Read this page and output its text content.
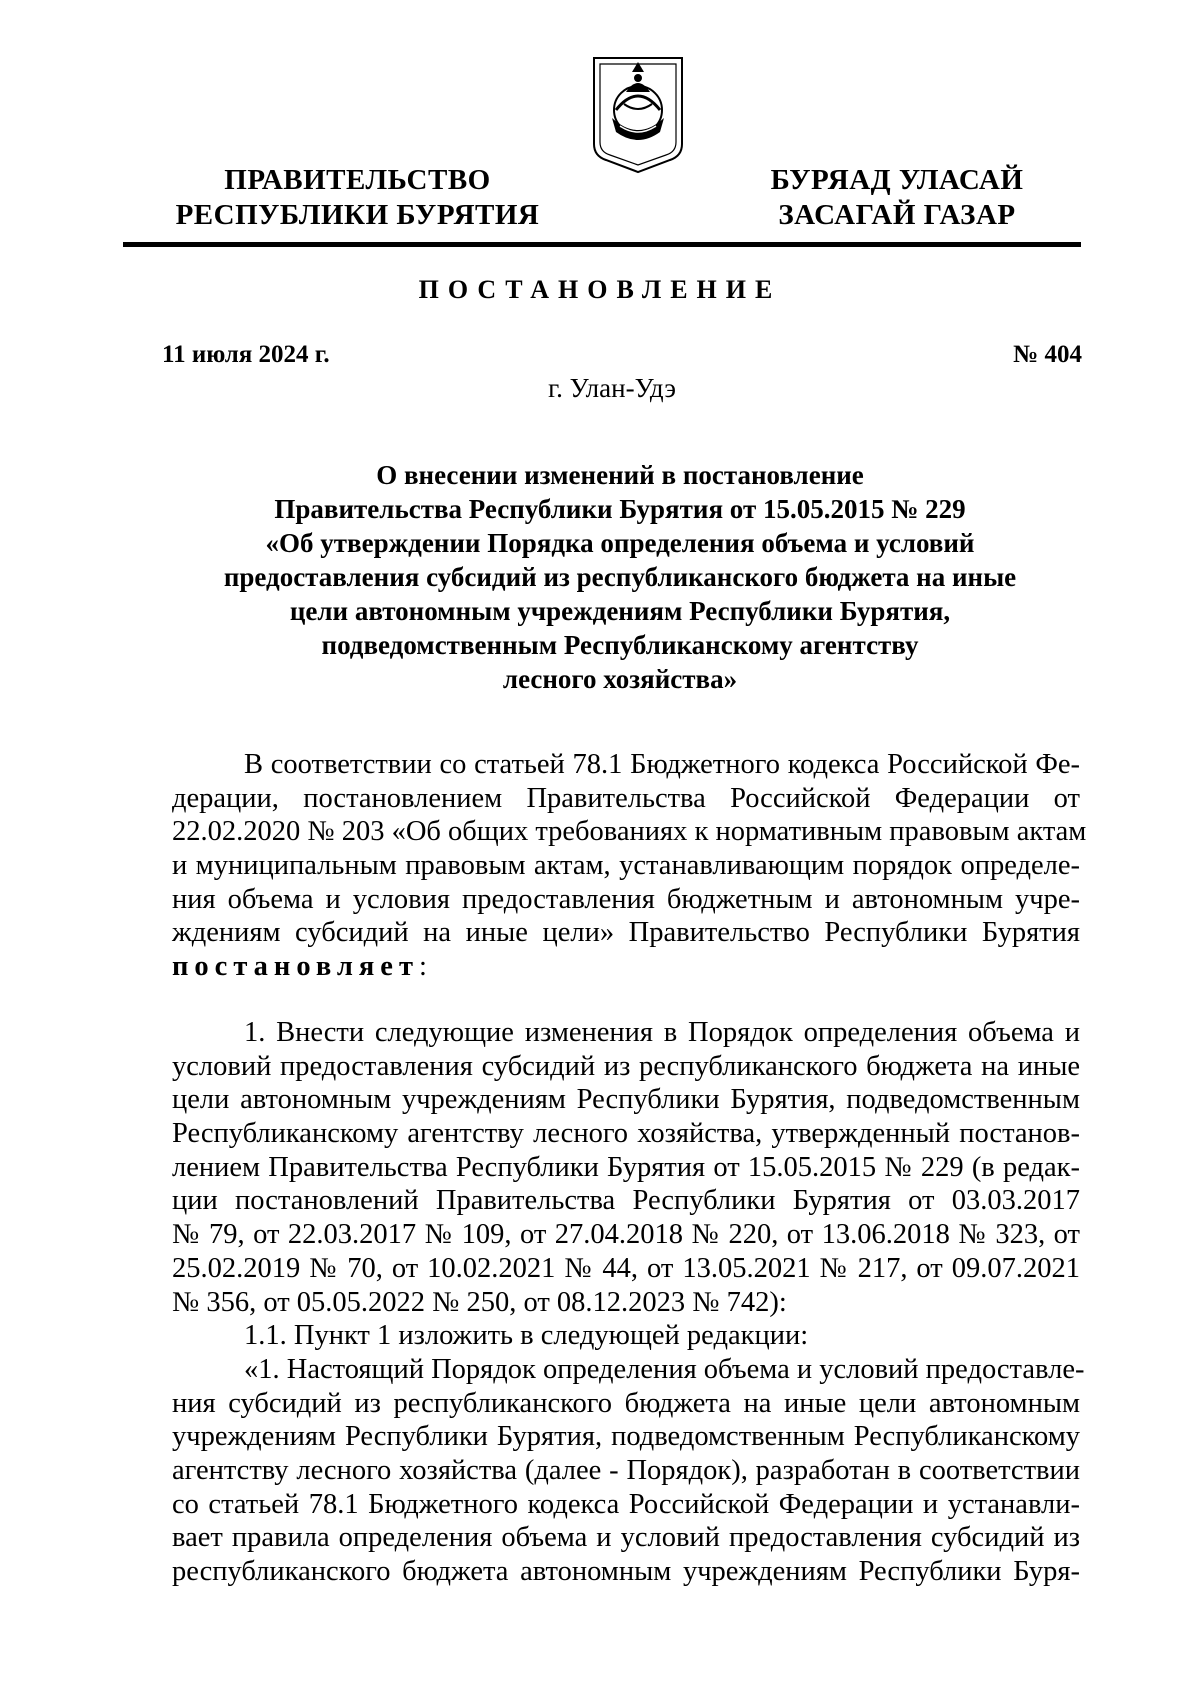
ПРАВИТЕЛЬСТВО
РЕСПУБЛИКИ БУРЯТИЯ
БУРЯАД УЛАСАЙ
ЗАСАГАЙ ГАЗАР
ПОСТАНОВЛЕНИЕ
11 июля 2024 г.	№ 404
г. Улан-Удэ
О внесении изменений в постановление
Правительства Республики Бурятия от 15.05.2015 № 229
«Об утверждении Порядка определения объема и условий
предоставления субсидий из республиканского бюджета на иные
цели автономным учреждениям Республики Бурятия,
подведомственным Республиканскому агентству
лесного хозяйства»
В соответствии со статьей 78.1 Бюджетного кодекса Российской Фе-
дерации, постановлением Правительства Российской Федерации от
22.02.2020 № 203 «Об общих требованиях к нормативным правовым актам
и муниципальным правовым актам, устанавливающим порядок определе-
ния объема и условия предоставления бюджетным и автономным учре-
ждениям субсидий на иные цели» Правительство Республики Бурятия
постановляет:
1. Внести следующие изменения в Порядок определения объема и
условий предоставления субсидий из республиканского бюджета на иные
цели автономным учреждениям Республики Бурятия, подведомственным
Республиканскому агентству лесного хозяйства, утвержденный постанов-
лением Правительства Республики Бурятия от 15.05.2015 № 229 (в редак-
ции постановлений Правительства Республики Бурятия от 03.03.2017
№ 79, от 22.03.2017 № 109, от 27.04.2018 № 220, от 13.06.2018 № 323, от
25.02.2019 № 70, от 10.02.2021 № 44, от 13.05.2021 № 217, от 09.07.2021
№ 356, от 05.05.2022 № 250, от 08.12.2023 № 742):
1.1. Пункт 1 изложить в следующей редакции:
«1. Настоящий Порядок определения объема и условий предоставле-
ния субсидий из республиканского бюджета на иные цели автономным
учреждениям Республики Бурятия, подведомственным Республиканскому
агентству лесного хозяйства (далее - Порядок), разработан в соответствии
со статьей 78.1 Бюджетного кодекса Российской Федерации и устанавли-
вает правила определения объема и условий предоставления субсидий из
республиканского бюджета автономным учреждениям Республики Буря-
